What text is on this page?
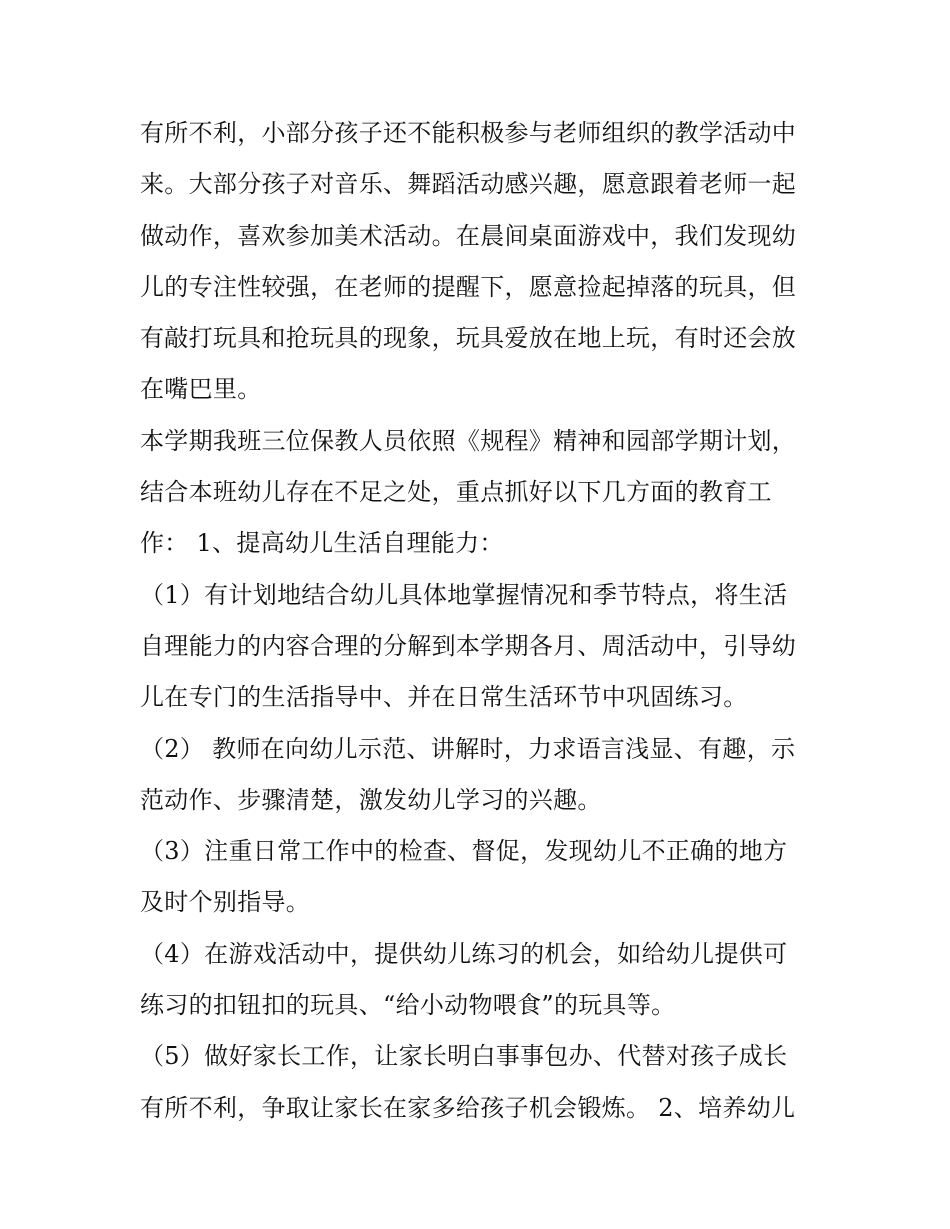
有所不利，小部分孩子还不能积极参与老师组织的教学活动中
来。大部分孩子对音乐、舞蹈活动感兴趣，愿意跟着老师一起
做动作，喜欢参加美术活动。在晨间桌面游戏中，我们发现幼
儿的专注性较强，在老师的提醒下，愿意捡起掉落的玩具，但
有敲打玩具和抢玩具的现象，玩具爱放在地上玩，有时还会放
在嘴巴里。
本学期我班三位保教人员依照《规程》精神和园部学期计划，
结合本班幼儿存在不足之处，重点抓好以下几方面的教育工
作： 1、提高幼儿生活自理能力：
（1）有计划地结合幼儿具体地掌握情况和季节特点，将生活
自理能力的内容合理的分解到本学期各月、周活动中，引导幼
儿在专门的生活指导中、并在日常生活环节中巩固练习。
（2） 教师在向幼儿示范、讲解时，力求语言浅显、有趣，示
范动作、步骤清楚，激发幼儿学习的兴趣。
（3）注重日常工作中的检查、督促，发现幼儿不正确的地方
及时个别指导。
（4）在游戏活动中，提供幼儿练习的机会，如给幼儿提供可
练习的扣钮扣的玩具、“给小动物喂食”的玩具等。
（5）做好家长工作，让家长明白事事包办、代替对孩子成长
有所不利，争取让家长在家多给孩子机会锻炼。 2、培养幼儿
